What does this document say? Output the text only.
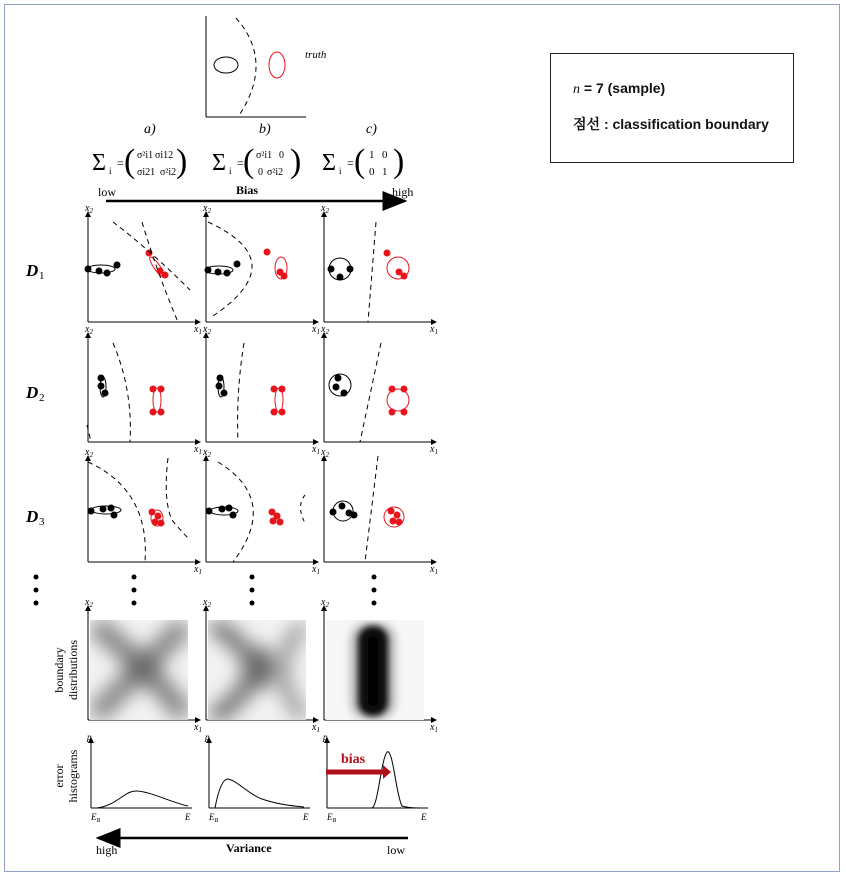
truth
a)	b)	c)
Σ i
= ( σ²i1 σi12
σi21 σ²i2 ) Σ i
= ( σ²i1 0
0 σ²i2 ) Σ i
= ( 1 0
0 1 )
low	Bias	high
D 1
D 2
D 3
$x_2$
$x_1$
$x_2$
$x_1$
$x_2$
$x_1$
$x_2$
$x_1$
$x_2$
$x_1$
$x_2$
$x_1$
$x_2$
$x_1$
$x_2$
$x_1$
$x_2$
$x_1$
$x_2$
$x_1$
$x_2$
$x_1$
$x_2$
$x_1$
boundary distributions
error histograms
p
$E_B$	E
p
$E_B$	E
p
$E_B$	E
bias
high	Variance	low
n = 7 (sample)
점선 : classification boundary
